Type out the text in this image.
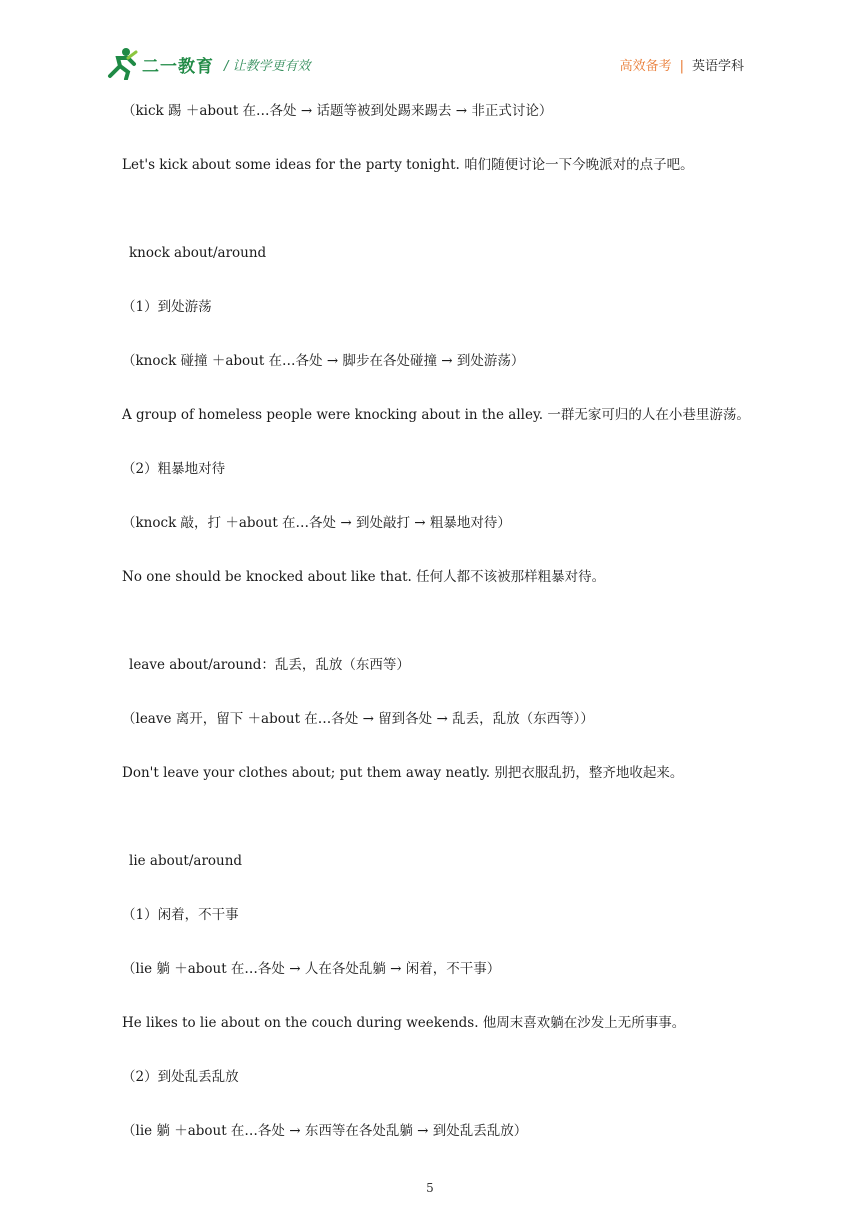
二一教育 / 让教学更有效	高效备考 | 英语学科
（kick 踢 ＋about 在…各处 → 话题等被到处踢来踢去 → 非正式讨论）
Let's kick about some ideas for the party tonight. 咱们随便讨论一下今晚派对的点子吧。
knock about/around
（1）到处游荡
（knock 碰撞 ＋about 在…各处 → 脚步在各处碰撞 → 到处游荡）
A group of homeless people were knocking about in the alley. 一群无家可归的人在小巷里游荡。
（2）粗暴地对待
（knock 敲，打 ＋about 在…各处 → 到处敲打 → 粗暴地对待）
No one should be knocked about like that. 任何人都不该被那样粗暴对待。
leave about/around：乱丢，乱放（东西等）
（leave 离开，留下 ＋about 在…各处 → 留到各处 → 乱丢，乱放（东西等））
Don't leave your clothes about; put them away neatly. 别把衣服乱扔，整齐地收起来。
lie about/around
（1）闲着，不干事
（lie 躺 ＋about 在…各处 → 人在各处乱躺 → 闲着，不干事）
He likes to lie about on the couch during weekends. 他周末喜欢躺在沙发上无所事事。
（2）到处乱丢乱放
（lie 躺 ＋about 在…各处 → 东西等在各处乱躺 → 到处乱丢乱放）
5
